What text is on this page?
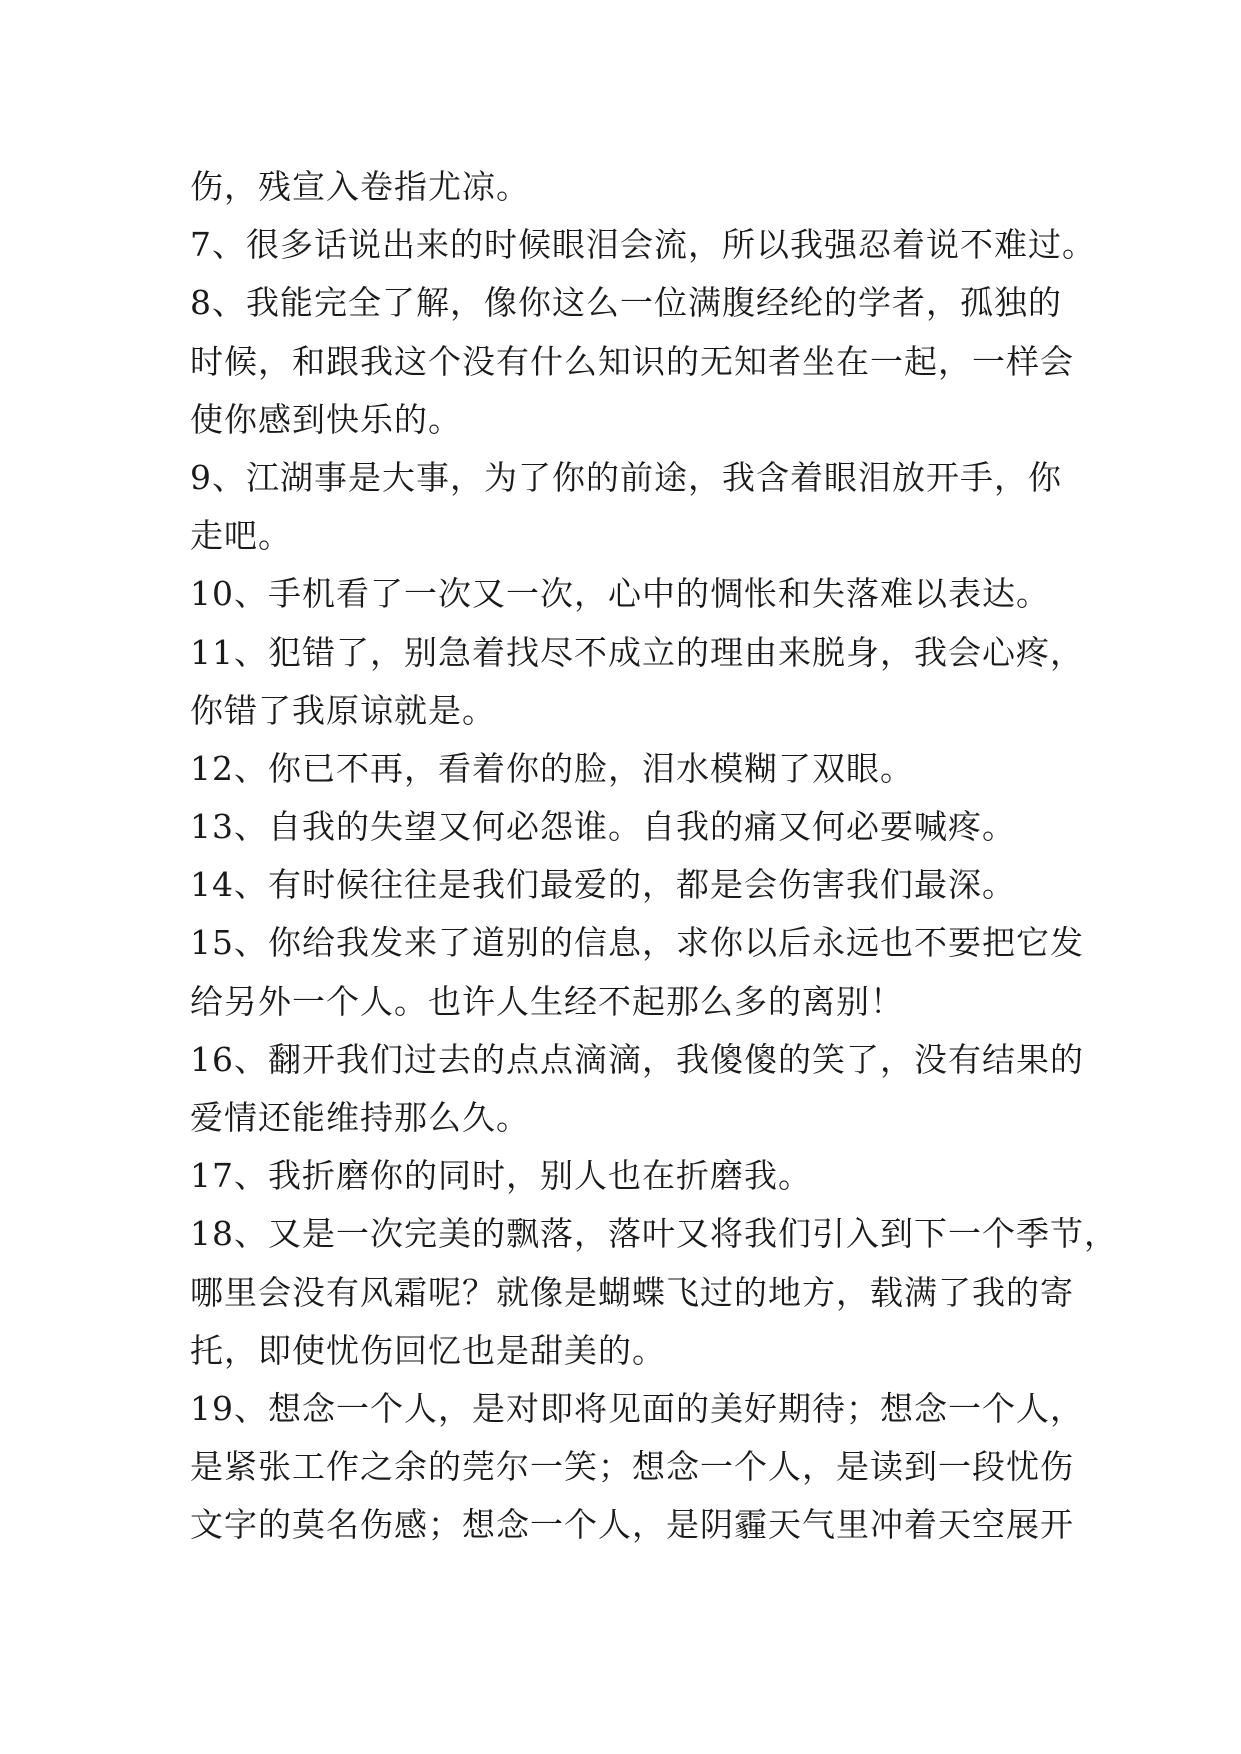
伤，残宣入卷指尤凉。
7、很多话说出来的时候眼泪会流，所以我强忍着说不难过。
8、我能完全了解，像你这么一位满腹经纶的学者，孤独的
时候，和跟我这个没有什么知识的无知者坐在一起，一样会
使你感到快乐的。
9、江湖事是大事，为了你的前途，我含着眼泪放开手，你
走吧。
10、手机看了一次又一次，心中的惆怅和失落难以表达。
11、犯错了，别急着找尽不成立的理由来脱身，我会心疼，
你错了我原谅就是。
12、你已不再，看着你的脸，泪水模糊了双眼。
13、自我的失望又何必怨谁。自我的痛又何必要喊疼。
14、有时候往往是我们最爱的，都是会伤害我们最深。
15、你给我发来了道别的信息，求你以后永远也不要把它发
给另外一个人。也许人生经不起那么多的离别！
16、翻开我们过去的点点滴滴，我傻傻的笑了，没有结果的
爱情还能维持那么久。
17、我折磨你的同时，别人也在折磨我。
18、又是一次完美的飘落，落叶又将我们引入到下一个季节，
哪里会没有风霜呢？就像是蝴蝶飞过的地方，载满了我的寄
托，即使忧伤回忆也是甜美的。
19、想念一个人，是对即将见面的美好期待；想念一个人，
是紧张工作之余的莞尔一笑；想念一个人，是读到一段忧伤
文字的莫名伤感；想念一个人，是阴霾天气里冲着天空展开
